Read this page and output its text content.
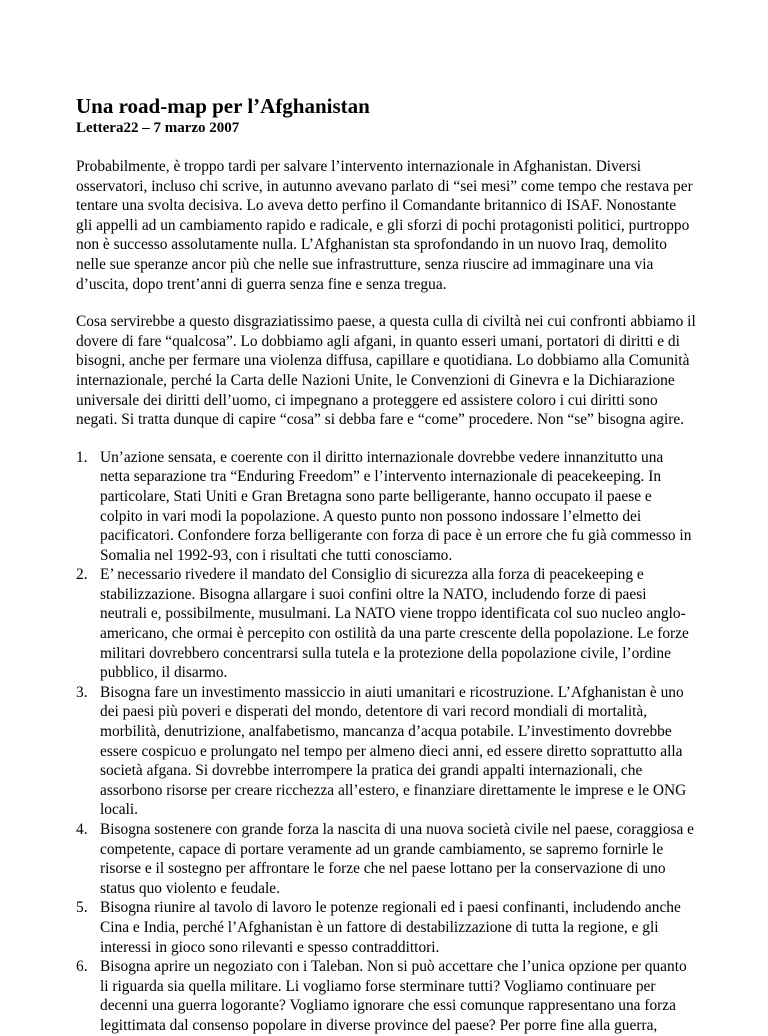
Una road-map per l’Afghanistan
Lettera22 – 7 marzo 2007

Probabilmente, è troppo tardi per salvare l’intervento internazionale in Afghanistan. Diversi osservatori, incluso chi scrive, in autunno avevano parlato di “sei mesi” come tempo che restava per tentare una svolta decisiva. Lo aveva detto perfino il Comandante britannico di ISAF. Nonostante gli appelli ad un cambiamento rapido e radicale, e gli sforzi di pochi protagonisti politici, purtroppo non è successo assolutamente nulla. L’Afghanistan sta sprofondando in un nuovo Iraq, demolito nelle sue speranze ancor più che nelle sue infrastrutture, senza riuscire ad immaginare una via d’uscita, dopo trent’anni di guerra senza fine e senza tregua.

Cosa servirebbe a questo disgraziatissimo paese, a questa culla di civiltà nei cui confronti abbiamo il dovere di fare “qualcosa”. Lo dobbiamo agli afgani, in quanto esseri umani, portatori di diritti e di bisogni, anche per fermare una violenza diffusa, capillare e quotidiana. Lo dobbiamo alla Comunità internazionale, perché la Carta delle Nazioni Unite, le Convenzioni di Ginevra e la Dichiarazione universale dei diritti dell’uomo, ci impegnano a proteggere ed assistere coloro i cui diritti sono negati. Si tratta dunque di capire “cosa” si debba fare e “come” procedere. Non “se” bisogna agire.

1. Un’azione sensata, e coerente con il diritto internazionale dovrebbe vedere innanzitutto una netta separazione tra “Enduring Freedom” e l’intervento internazionale di peacekeeping. In particolare, Stati Uniti e Gran Bretagna sono parte belligerante, hanno occupato il paese e colpito in vari modi la popolazione. A questo punto non possono indossare l’elmetto dei pacificatori. Confondere forza belligerante con forza di pace è un errore che fu già commesso in Somalia nel 1992-93, con i risultati che tutti conosciamo.
2. E’ necessario rivedere il mandato del Consiglio di sicurezza alla forza di peacekeeping e stabilizzazione. Bisogna allargare i suoi confini oltre la NATO, includendo forze di paesi neutrali e, possibilmente, musulmani. La NATO viene troppo identificata col suo nucleo anglo-americano, che ormai è percepito con ostilità da una parte crescente della popolazione. Le forze militari dovrebbero concentrarsi sulla tutela e la protezione della popolazione civile, l’ordine pubblico, il disarmo.
3. Bisogna fare un investimento massiccio in aiuti umanitari e ricostruzione. L’Afghanistan è uno dei paesi più poveri e disperati del mondo, detentore di vari record mondiali di mortalità, morbilità, denutrizione, analfabetismo, mancanza d’acqua potabile. L’investimento dovrebbe essere cospicuo e prolungato nel tempo per almeno dieci anni, ed essere diretto soprattutto alla società afgana. Si dovrebbe interrompere la pratica dei grandi appalti internazionali, che assorbono risorse per creare ricchezza all’estero, e finanziare direttamente le imprese e le ONG locali.
4. Bisogna sostenere con grande forza la nascita di una nuova società civile nel paese, coraggiosa e competente, capace di portare veramente ad un grande cambiamento, se sapremo fornirle le risorse e il sostegno per affrontare le forze che nel paese lottano per la conservazione di uno status quo violento e feudale.
5. Bisogna riunire al tavolo di lavoro le potenze regionali ed i paesi confinanti, includendo anche Cina e India, perché l’Afghanistan è un fattore di destabilizzazione di tutta la regione, e gli interessi in gioco sono rilevanti e spesso contraddittori.
6. Bisogna aprire un negoziato con i Taleban. Non si può accettare che l’unica opzione per quanto li riguarda sia quella militare. Li vogliamo forse sterminare tutti? Vogliamo continuare per decenni una guerra logorante? Vogliamo ignorare che essi comunque rappresentano una forza legittimata dal consenso popolare in diverse province del paese? Per porre fine alla guerra,
